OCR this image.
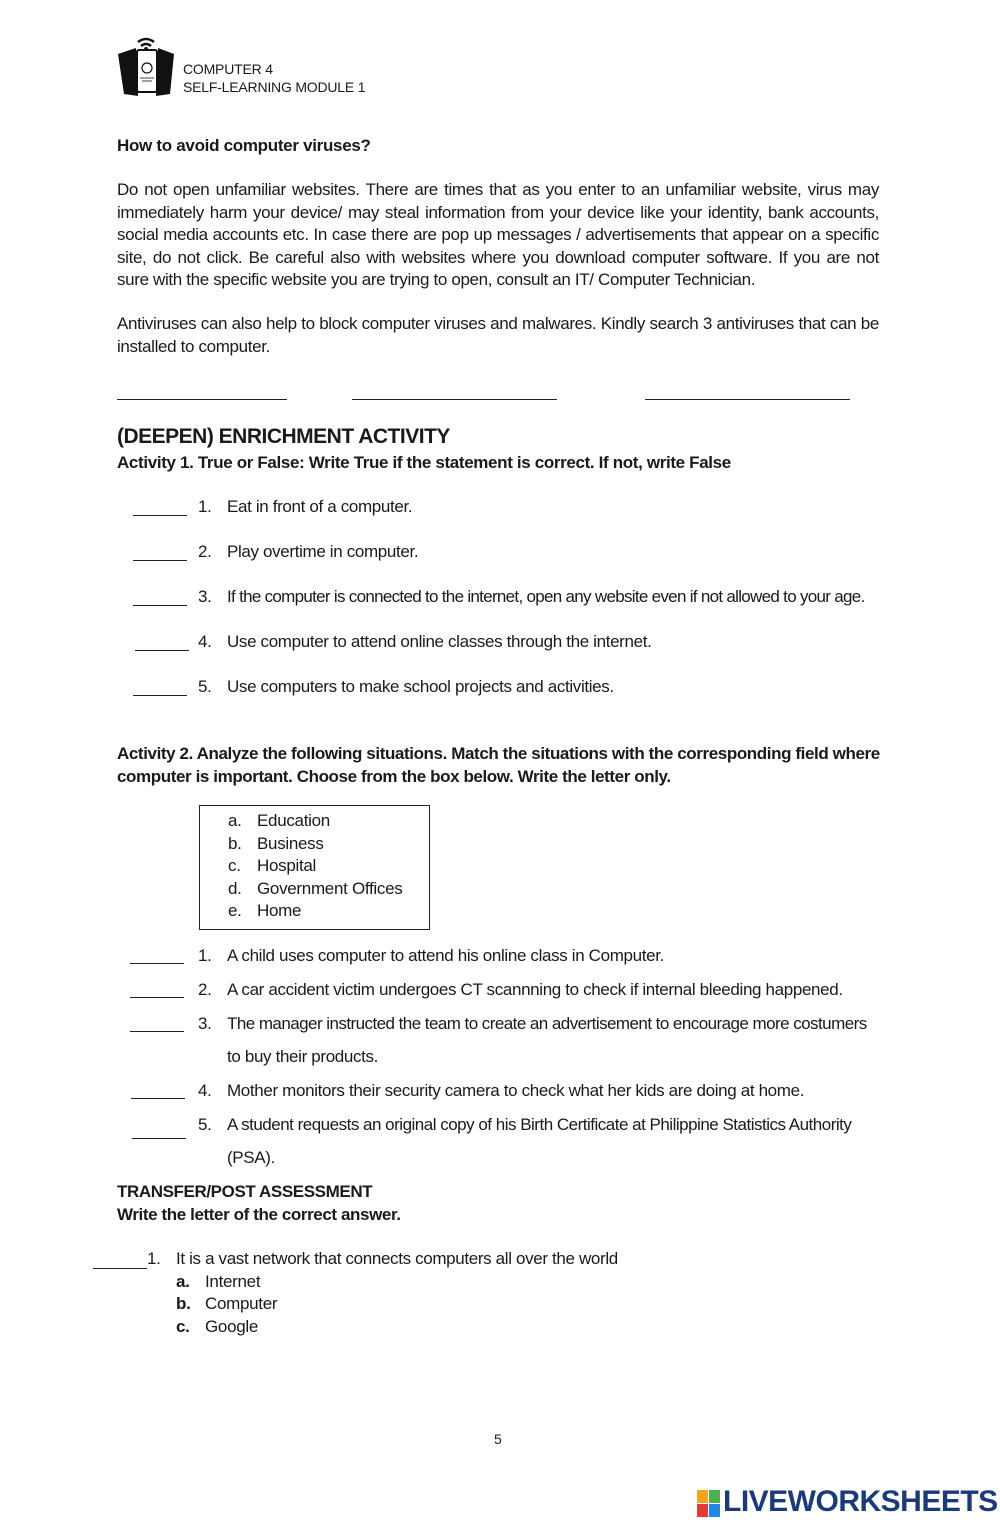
COMPUTER 4
SELF-LEARNING MODULE 1
How to avoid computer viruses?
Do not open unfamiliar websites. There are times that as you enter to an unfamiliar website, virus may immediately harm your device/ may steal information from your device like your identity, bank accounts, social media accounts etc. In case there are pop up messages / advertisements that appear on a specific site, do not click. Be careful also with websites where you download computer software. If you are not sure with the specific website you are trying to open, consult an IT/ Computer Technician.
Antiviruses can also help to block computer viruses and malwares. Kindly search 3 antiviruses that can be installed to computer.
(DEEPEN) ENRICHMENT ACTIVITY
Activity 1. True or False: Write True if the statement is correct. If not, write False
1. Eat in front of a computer.
2. Play overtime in computer.
3. If the computer is connected to the internet, open any website even if not allowed to your age.
4. Use computer to attend online classes through the internet.
5. Use computers to make school projects and activities.
Activity 2. Analyze the following situations. Match the situations with the corresponding field where
computer is important. Choose from the box below. Write the letter only.
a. Education
b. Business
c. Hospital
d. Government Offices
e. Home
1. A child uses computer to attend his online class in Computer.
2. A car accident victim undergoes CT scannning to check if internal bleeding happened.
3. The manager instructed the team to create an advertisement to encourage more costumers
to buy their products.
4. Mother monitors their security camera to check what her kids are doing at home.
5. A student requests an original copy of his Birth Certificate at Philippine Statistics Authority
(PSA).
TRANSFER/POST ASSESSMENT
Write the letter of the correct answer.
1. It is a vast network that connects computers all over the world
a. Internet
b. Computer
c. Google
5
LIVEWORKSHEETS
